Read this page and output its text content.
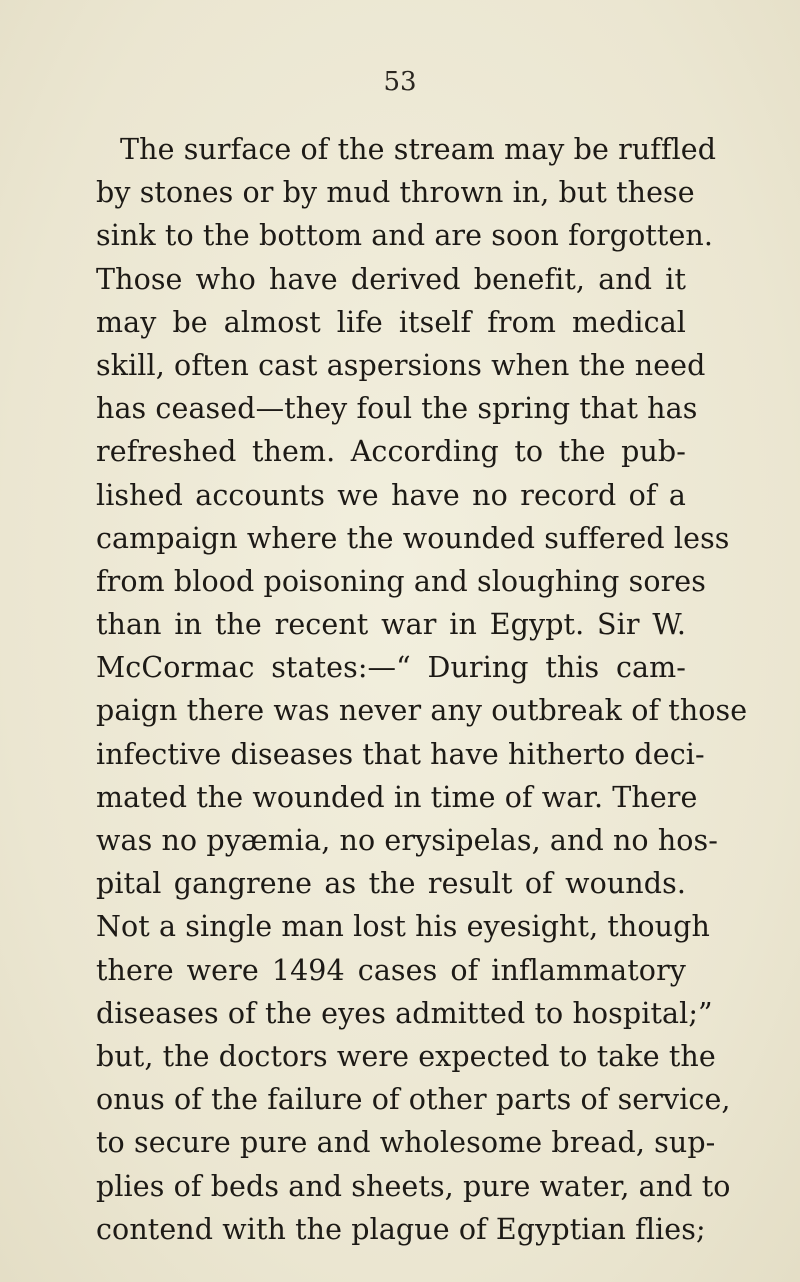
53
The surface of the stream may be ruffled
by stones or by mud thrown in, but these
sink to the bottom and are soon forgotten.
Those who have derived benefit, and it
may be almost life itself from medical
skill, often cast aspersions when the need
has ceased—they foul the spring that has
refreshed them. According to the pub-
lished accounts we have no record of a
campaign where the wounded suffered less
from blood poisoning and sloughing sores
than in the recent war in Egypt. Sir W.
McCormac states:—“ During this cam-
paign there was never any outbreak of those
infective diseases that have hitherto deci-
mated the wounded in time of war. There
was no pyæmia, no erysipelas, and no hos-
pital gangrene as the result of wounds.
Not a single man lost his eyesight, though
there were 1494 cases of inflammatory
diseases of the eyes admitted to hospital;”
but, the doctors were expected to take the
onus of the failure of other parts of service,
to secure pure and wholesome bread, sup-
plies of beds and sheets, pure water, and to
contend with the plague of Egyptian flies;
